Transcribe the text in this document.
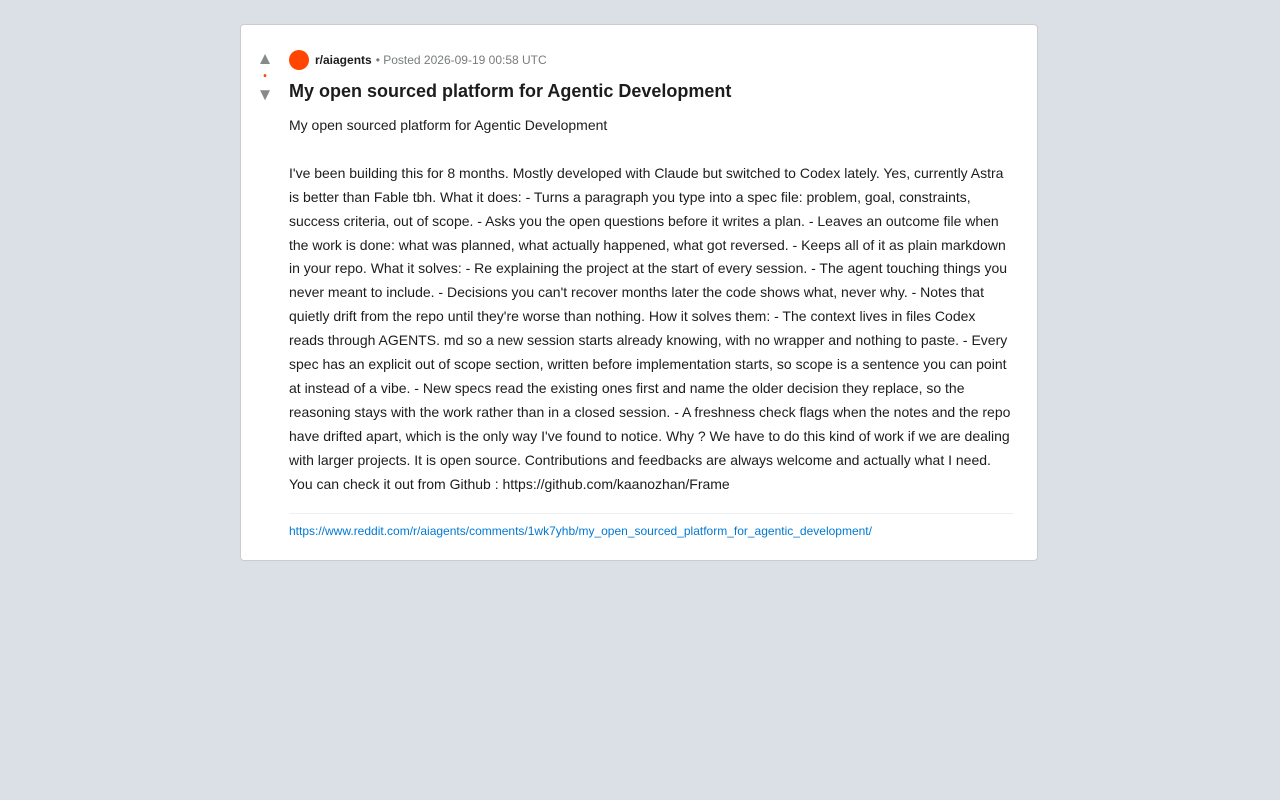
▲
•
▼
r/aiagents • Posted 2026-09-19 00:58 UTC
My open sourced platform for Agentic Development

My open sourced platform for Agentic Development

I've been building this for 8 months. Mostly developed with Claude but switched to Codex lately. Yes, currently Astra is better than Fable tbh. What it does: - Turns a paragraph you type into a spec file: problem, goal, constraints, success criteria, out of scope. - Asks you the open questions before it writes a plan. - Leaves an outcome file when the work is done: what was planned, what actually happened, what got reversed. - Keeps all of it as plain markdown in your repo. What it solves: - Re explaining the project at the start of every session. - The agent touching things you never meant to include. - Decisions you can't recover months later the code shows what, never why. - Notes that quietly drift from the repo until they're worse than nothing. How it solves them: - The context lives in files Codex reads through AGENTS. md so a new session starts already knowing, with no wrapper and nothing to paste. - Every spec has an explicit out of scope section, written before implementation starts, so scope is a sentence you can point at instead of a vibe. - New specs read the existing ones first and name the older decision they replace, so the reasoning stays with the work rather than in a closed session. - A freshness check flags when the notes and the repo have drifted apart, which is the only way I've found to notice. Why ? We have to do this kind of work if we are dealing with larger projects. It is open source. Contributions and feedbacks are always welcome and actually what I need. You can check it out from Github : https://github.com/kaanozhan/Frame

https://www.reddit.com/r/aiagents/comments/1wk7yhb/my_open_sourced_platform_for_agentic_development/
